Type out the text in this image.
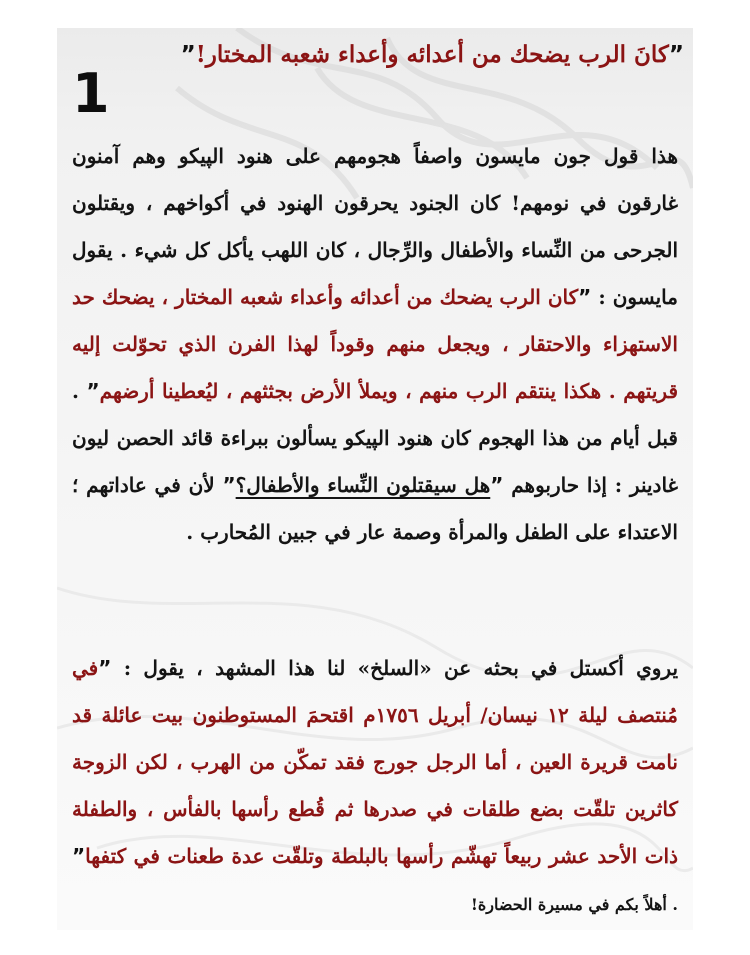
1

”كانَ الرب يضحك من أعدائه وأعداء شعبه المختار!”

هذا قول جون مايسون واصفاً هجومهم على هنود الپيكو وهم آمنون غارقون في نومهم! كان الجنود يحرقون الهنود في أكواخهم ، ويقتلون الجرحى من النِّساء والأطفال والرِّجال ، كان اللهب يأكل كل شيء . يقول مايسون : ”كان الرب يضحك من أعدائه وأعداء شعبه المختار ، يضحك حد الاستهزاء والاحتقار ، ويجعل منهم وقوداً لهذا الفرن الذي تحوّلت إليه قريتهم . هكذا ينتقم الرب منهم ، ويملأ الأرض بجثثهم ، ليُعطينا أرضهم” . قبل أيام من هذا الهجوم كان هنود الپيكو يسألون ببراءة قائد الحصن ليون غادينر : إذا حاربوهم ”هل سيقتلون النِّساء والأطفال؟” لأن في عاداتهم ؛ الاعتداء على الطفل والمرأة وصمة عار في جبين المُحارب .

يروي أكستل في بحثه عن «السلخ» لنا هذا المشهد ، يقول : ”في مُنتصف ليلة ١٢ نيسان/ أبريل ١٧٥٦م اقتحمَ المستوطنون بيت عائلة قد نامت قريرة العين ، أما الرجل جورج فقد تمكّن من الهرب ، لكن الزوجة كاثرين تلقّت بضع طلقات في صدرها ثم قُطع رأسها بالفأس ، والطفلة ذات الأحد عشر ربيعاً تهشّم رأسها بالبلطة وتلقّت عدة طعنات في كتفها” . أهلاً بكم في مسيرة الحضارة!
